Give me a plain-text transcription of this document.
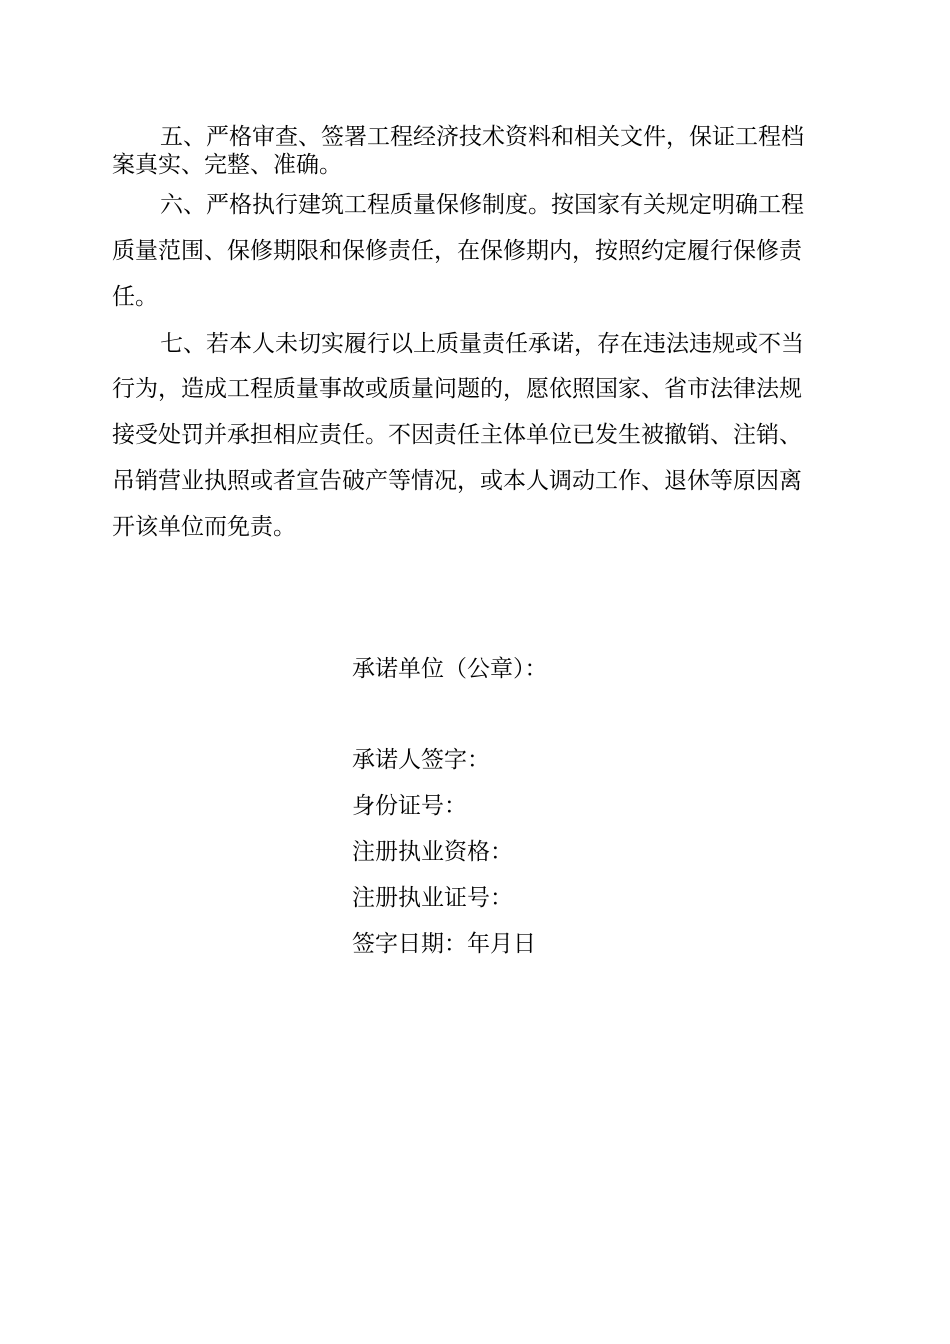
五、严格审查、签署工程经济技术资料和相关文件，保证工程档

案真实、完整、准确。

六、严格执行建筑工程质量保修制度。按国家有关规定明确工程

质量范围、保修期限和保修责任，在保修期内，按照约定履行保修责

任。

七、若本人未切实履行以上质量责任承诺，存在违法违规或不当

行为，造成工程质量事故或质量问题的，愿依照国家、省市法律法规

接受处罚并承担相应责任。不因责任主体单位已发生被撤销、注销、

吊销营业执照或者宣告破产等情况，或本人调动工作、退休等原因离

开该单位而免责。

承诺单位（公章）：

承诺人签字：

身份证号：

注册执业资格：

注册执业证号：

签字日期：年月日
